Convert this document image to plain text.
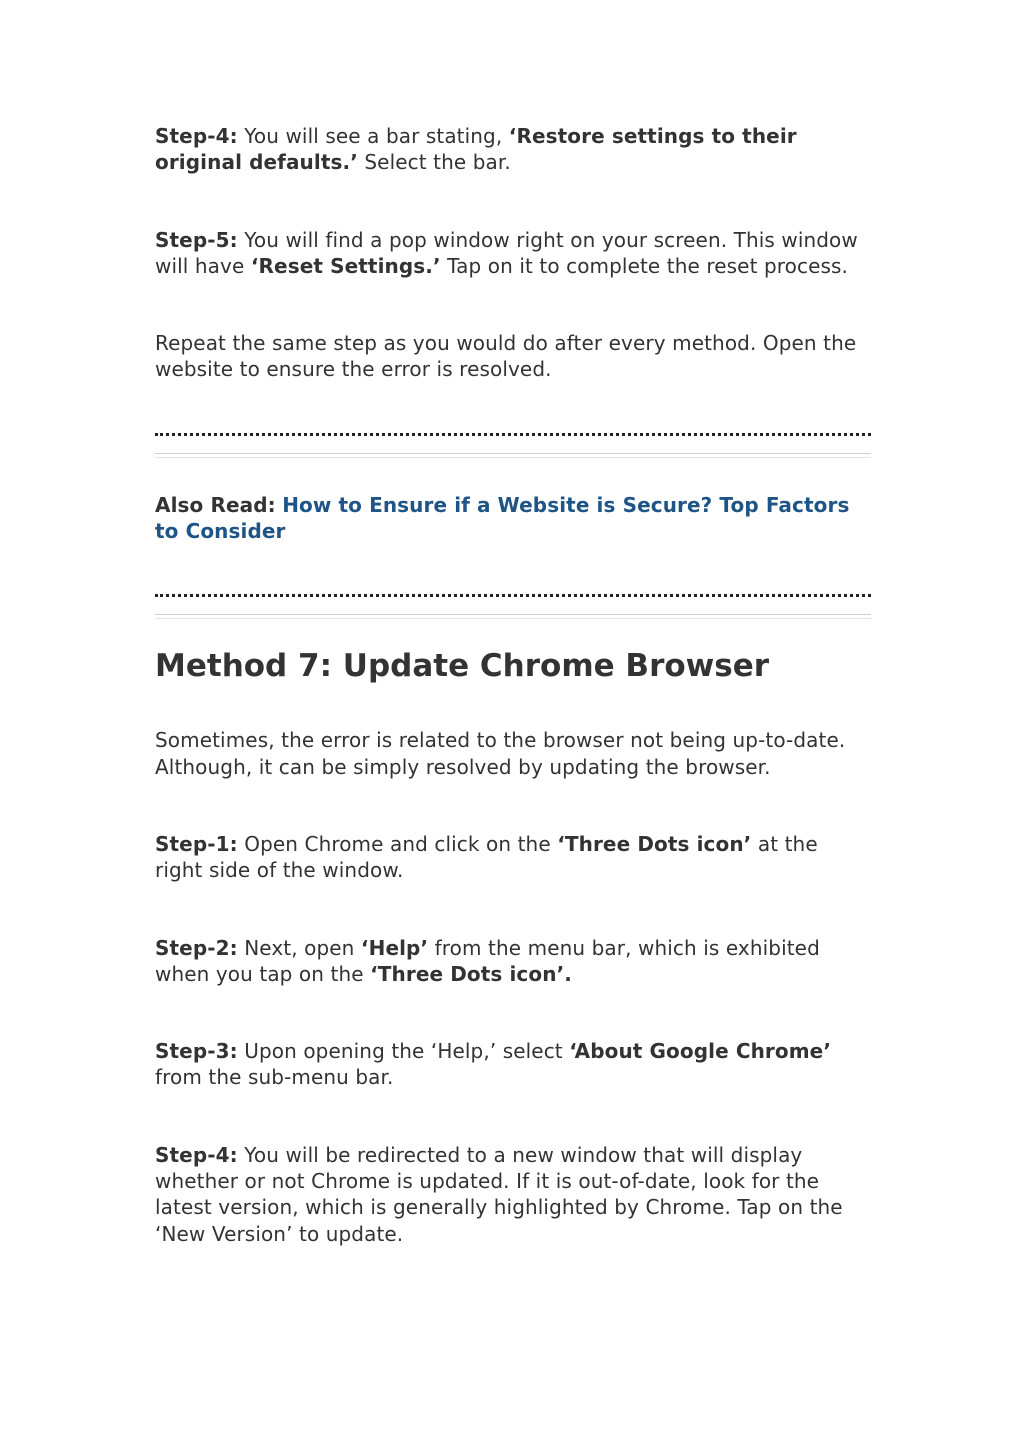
Step-4: You will see a bar stating, ‘Restore settings to their original defaults.’ Select the bar.

Step-5: You will find a pop window right on your screen. This window will have ‘Reset Settings.’ Tap on it to complete the reset process.

Repeat the same step as you would do after every method. Open the website to ensure the error is resolved.

Also Read: How to Ensure if a Website is Secure? Top Factors to Consider

Method 7: Update Chrome Browser

Sometimes, the error is related to the browser not being up-to-date. Although, it can be simply resolved by updating the browser.

Step-1: Open Chrome and click on the ‘Three Dots icon’ at the right side of the window.

Step-2: Next, open ‘Help’ from the menu bar, which is exhibited when you tap on the ‘Three Dots icon’.

Step-3: Upon opening the ‘Help,’ select ‘About Google Chrome’ from the sub-menu bar.

Step-4: You will be redirected to a new window that will display whether or not Chrome is updated. If it is out-of-date, look for the latest version, which is generally highlighted by Chrome. Tap on the ‘New Version’ to update.
